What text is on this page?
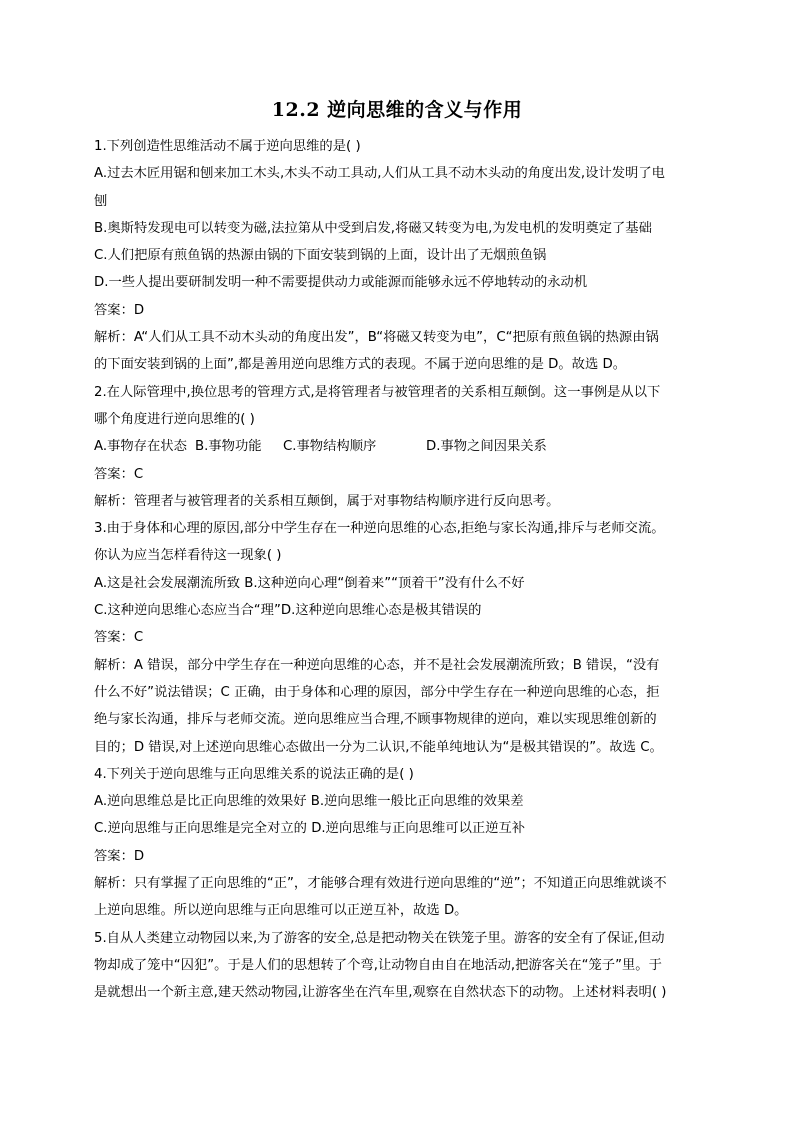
12.2 逆向思维的含义与作用
1.下列创造性思维活动不属于逆向思维的是( )
A.过去木匠用锯和刨来加工木头,木头不动工具动,人们从工具不动木头动的角度出发,设计发明了电
刨
B.奥斯特发现电可以转变为磁,法拉第从中受到启发,将磁又转变为电,为发电机的发明奠定了基础
C.人们把原有煎鱼锅的热源由锅的下面安装到锅的上面，设计出了无烟煎鱼锅
D.一些人提出要研制发明一种不需要提供动力或能源而能够永远不停地转动的永动机
答案：D
解析：A“人们从工具不动木头动的角度出发”，B“将磁又转变为电”，C“把原有煎鱼锅的热源由锅
的下面安装到锅的上面”,都是善用逆向思维方式的表现。不属于逆向思维的是 D。故选 D。
2.在人际管理中,换位思考的管理方式,是将管理者与被管理者的关系相互颠倒。这一事例是从以下
哪个角度进行逆向思维的( )
A.事物存在状态 B.事物功能 C.事物结构顺序	D.事物之间因果关系
答案：C
解析：管理者与被管理者的关系相互颠倒，属于对事物结构顺序进行反向思考。
3.由于身体和心理的原因,部分中学生存在一种逆向思维的心态,拒绝与家长沟通,排斥与老师交流。
你认为应当怎样看待这一现象( )
A.这是社会发展潮流所致 B.这种逆向心理“倒着来”“顶着干”没有什么不好
C.这种逆向思维心态应当合“理”D.这种逆向思维心态是极其错误的
答案：C
解析：A 错误，部分中学生存在一种逆向思维的心态，并不是社会发展潮流所致；B 错误，“没有
什么不好”说法错误；C 正确，由于身体和心理的原因，部分中学生存在一种逆向思维的心态，拒
绝与家长沟通，排斥与老师交流。逆向思维应当合理,不顾事物规律的逆向，难以实现思维创新的
目的；D 错误,对上述逆向思维心态做出一分为二认识,不能单纯地认为“是极其错误的”。故选 C。
4.下列关于逆向思维与正向思维关系的说法正确的是( )
A.逆向思维总是比正向思维的效果好 B.逆向思维一般比正向思维的效果差
C.逆向思维与正向思维是完全对立的 D.逆向思维与正向思维可以正逆互补
答案：D
解析：只有掌握了正向思维的“正”，才能够合理有效进行逆向思维的“逆”；不知道正向思维就谈不
上逆向思维。所以逆向思维与正向思维可以正逆互补，故选 D。
5.自从人类建立动物园以来,为了游客的安全,总是把动物关在铁笼子里。游客的安全有了保证,但动
物却成了笼中“囚犯”。于是人们的思想转了个弯,让动物自由自在地活动,把游客关在“笼子”里。于
是就想出一个新主意,建天然动物园,让游客坐在汽车里,观察在自然状态下的动物。上述材料表明( )
